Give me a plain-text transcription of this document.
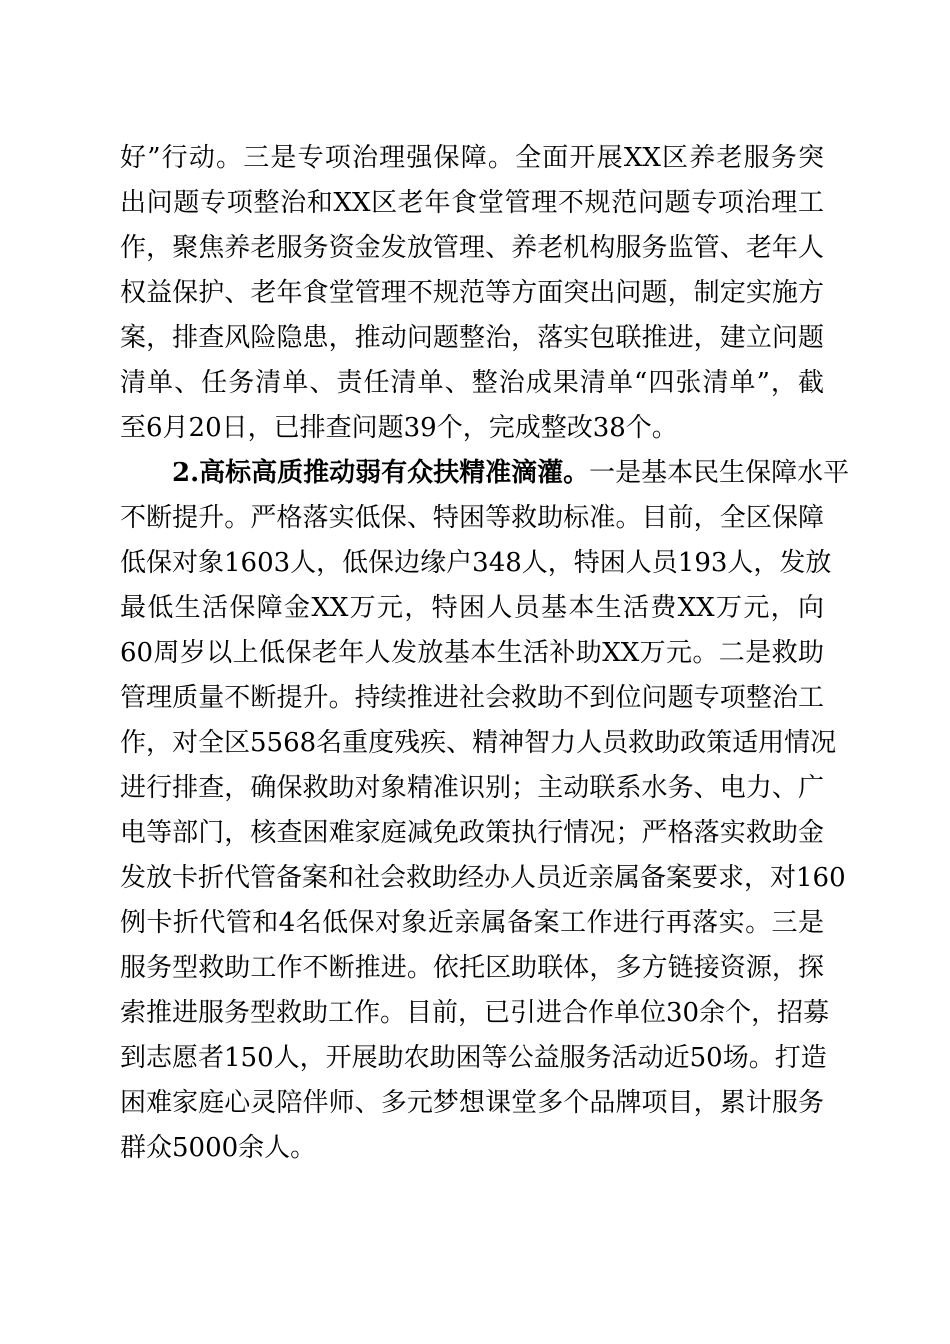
好”行动。三是专项治理强保障。全面开展XX区养老服务突
出问题专项整治和XX区老年食堂管理不规范问题专项治理工
作，聚焦养老服务资金发放管理、养老机构服务监管、老年人
权益保护、老年食堂管理不规范等方面突出问题，制定实施方
案，排查风险隐患，推动问题整治，落实包联推进，建立问题
清单、任务清单、责任清单、整治成果清单“四张清单”，截
至6月20日，已排查问题39个，完成整改38个。
2.高标高质推动弱有众扶精准滴灌。一是基本民生保障水平
不断提升。严格落实低保、特困等救助标准。目前，全区保障
低保对象1603人，低保边缘户348人，特困人员193人，发放
最低生活保障金XX万元，特困人员基本生活费XX万元，向
60周岁以上低保老年人发放基本生活补助XX万元。二是救助
管理质量不断提升。持续推进社会救助不到位问题专项整治工
作，对全区5568名重度残疾、精神智力人员救助政策适用情况
进行排查，确保救助对象精准识别；主动联系水务、电力、广
电等部门，核查困难家庭减免政策执行情况；严格落实救助金
发放卡折代管备案和社会救助经办人员近亲属备案要求，对160
例卡折代管和4名低保对象近亲属备案工作进行再落实。三是
服务型救助工作不断推进。依托区助联体，多方链接资源，探
索推进服务型救助工作。目前，已引进合作单位30余个，招募
到志愿者150人，开展助农助困等公益服务活动近50场。打造
困难家庭心灵陪伴师、多元梦想课堂多个品牌项目，累计服务
群众5000余人。
